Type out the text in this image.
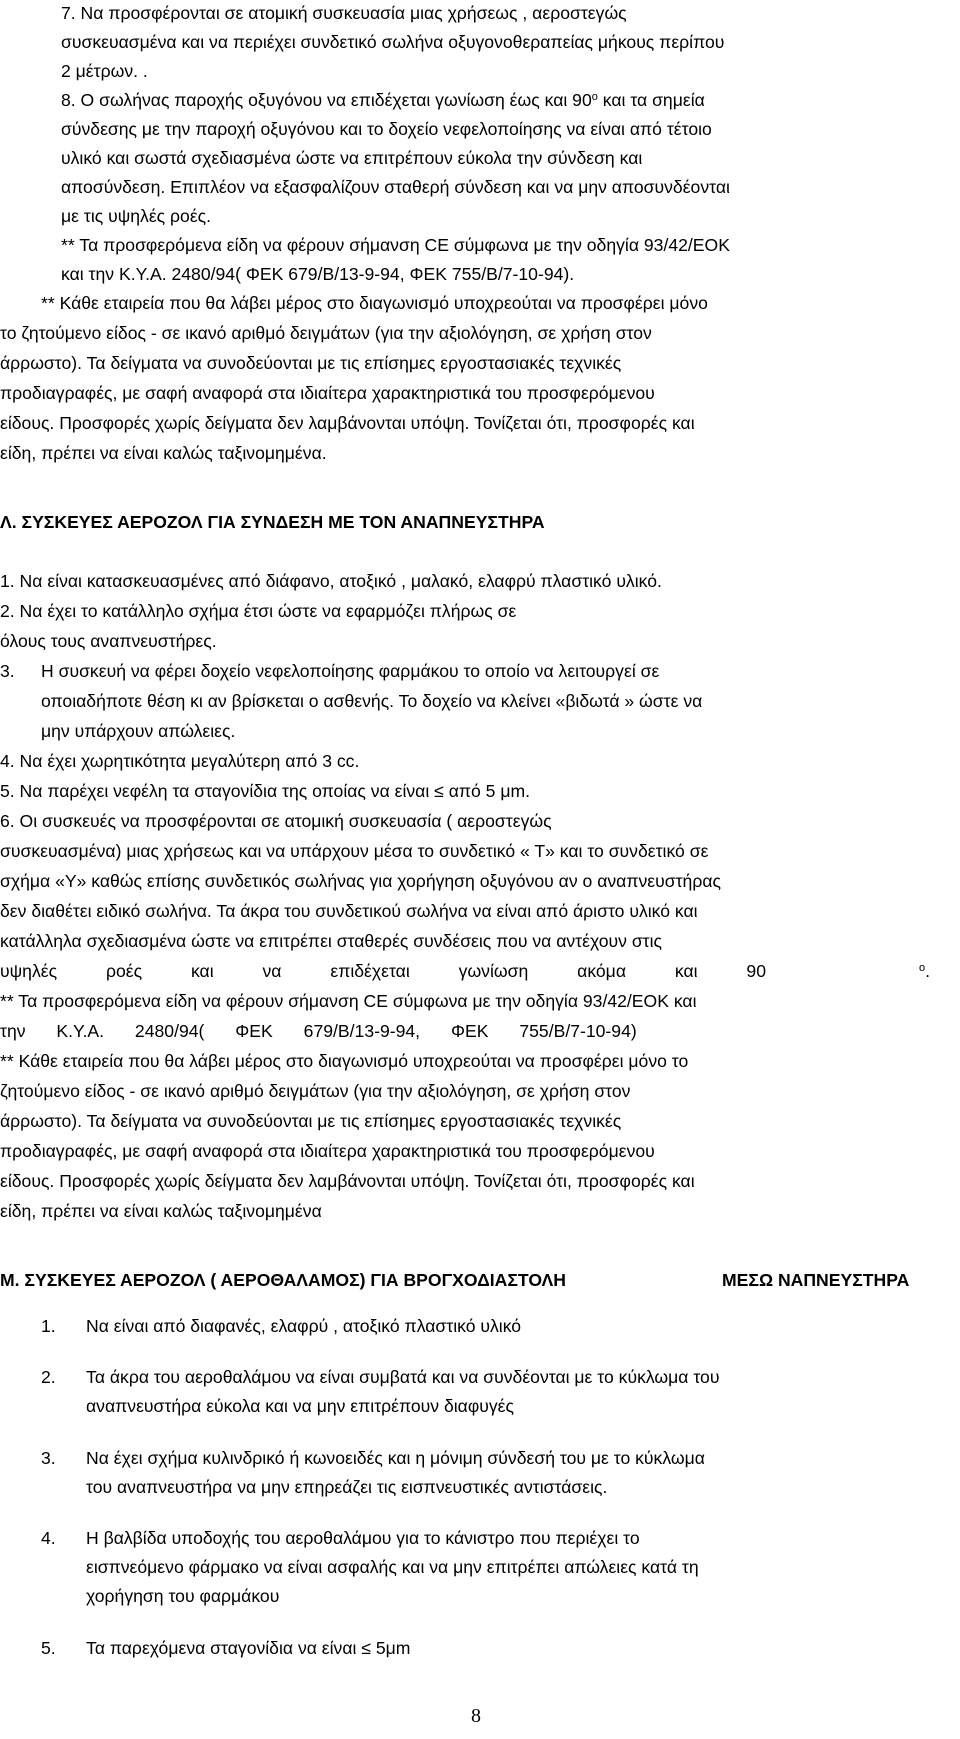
7. Να προσφέρονται σε ατομική συσκευασία μιας χρήσεως , αεροστεγώς
συσκευασμένα και να περιέχει συνδετικό σωλήνα οξυγονοθεραπείας μήκους περίπου
2 μέτρων. .
8. Ο σωλήνας παροχής οξυγόνου να επιδέχεται γωνίωση έως και $90^o$ και τα σημεία
σύνδεσης με την παροχή οξυγόνου και το δοχείο νεφελοποίησης να είναι από τέτοιο
υλικό και σωστά σχεδιασμένα ώστε να επιτρέπουν εύκολα την σύνδεση και
αποσύνδεση. Επιπλέον να εξασφαλίζουν σταθερή σύνδεση και να μην αποσυνδέονται
με τις υψηλές ροές.
** Τα προσφερόμενα είδη να φέρουν σήμανση CE σύμφωνα με την οδηγία 93/42/ΕΟΚ
και την Κ.Υ.Α. 2480/94( ΦΕΚ 679/Β/13-9-94, ΦΕΚ 755/Β/7-10-94).
** Κάθε εταιρεία που θα λάβει μέρος στο διαγωνισμό υποχρεούται να προσφέρει μόνο
το ζητούμενο είδος - σε ικανό αριθμό δειγμάτων (για την αξιολόγηση, σε χρήση στον
άρρωστο). Τα δείγματα να συνοδεύονται με τις επίσημες εργοστασιακές τεχνικές
προδιαγραφές, με σαφή αναφορά στα ιδιαίτερα χαρακτηριστικά του προσφερόμενου
είδους. Προσφορές χωρίς δείγματα δεν λαμβάνονται υπόψη. Τονίζεται ότι, προσφορές και
είδη, πρέπει να είναι καλώς ταξινομημένα.
Λ. ΣΥΣΚΕΥΕΣ ΑΕΡΟΖΟΛ ΓΙΑ ΣΥΝΔΕΣΗ ΜΕ ΤΟΝ ΑΝΑΠΝΕΥΣΤΗΡΑ
1. Να είναι κατασκευασμένες από διάφανο, ατοξικό , μαλακό, ελαφρύ πλαστικό υλικό.
2. Να έχει το κατάλληλο σχήμα έτσι ώστε να εφαρμόζει πλήρως σε
όλους τους αναπνευστήρες.
3. Η συσκευή να φέρει δοχείο νεφελοποίησης φαρμάκου το οποίο να λειτουργεί σε
οποιαδήποτε θέση κι αν βρίσκεται ο ασθενής. Το δοχείο να κλείνει «βιδωτά » ώστε να
μην υπάρχουν απώλειες.
4. Να έχει χωρητικότητα μεγαλύτερη από 3 cc.
5. Να παρέχει νεφέλη τα σταγονίδια της οποίας να είναι ≤ από 5 μm.
6. Οι συσκευές να προσφέρονται σε ατομική συσκευασία ( αεροστεγώς
συσκευασμένα) μιας χρήσεως και να υπάρχουν μέσα το συνδετικό « Τ» και το συνδετικό σε
σχήμα «Υ» καθώς επίσης συνδετικός σωλήνας για χορήγηση οξυγόνου αν ο αναπνευστήρας
δεν διαθέτει ειδικό σωλήνα. Τα άκρα του συνδετικού σωλήνα να είναι από άριστο υλικό και
κατάλληλα σχεδιασμένα ώστε να επιτρέπει σταθερές συνδέσεις που να αντέχουν στις
υψηλές ροές και να επιδέχεται γωνίωση ακόμα και 90	$^o$.
** Τα προσφερόμενα είδη να φέρουν σήμανση CE σύμφωνα με την οδηγία 93/42/ΕΟΚ και
την Κ.Υ.Α. 2480/94( ΦΕΚ 679/Β/13-9-94, ΦΕΚ 755/Β/7-10-94)
** Κάθε εταιρεία που θα λάβει μέρος στο διαγωνισμό υποχρεούται να προσφέρει μόνο το
ζητούμενο είδος - σε ικανό αριθμό δειγμάτων (για την αξιολόγηση, σε χρήση στον
άρρωστο). Τα δείγματα να συνοδεύονται με τις επίσημες εργοστασιακές τεχνικές
προδιαγραφές, με σαφή αναφορά στα ιδιαίτερα χαρακτηριστικά του προσφερόμενου
είδους. Προσφορές χωρίς δείγματα δεν λαμβάνονται υπόψη. Τονίζεται ότι, προσφορές και
είδη, πρέπει να είναι καλώς ταξινομημένα
Μ. ΣΥΣΚΕΥΕΣ ΑΕΡΟΖΟΛ ( ΑΕΡΟΘΑΛΑΜΟΣ) ΓΙΑ ΒΡΟΓΧΟΔΙΑΣΤΟΛΗ	ΜΕΣΩ ΝΑΠΝΕΥΣΤΗΡΑ
1. Να είναι από διαφανές, ελαφρύ , ατοξικό πλαστικό υλικό
2. Τα άκρα του αεροθαλάμου να είναι συμβατά και να συνδέονται με το κύκλωμα του
αναπνευστήρα εύκολα και να μην επιτρέπουν διαφυγές
3. Να έχει σχήμα κυλινδρικό ή κωνοειδές και η μόνιμη σύνδεσή του με το κύκλωμα
του αναπνευστήρα να μην επηρεάζει τις εισπνευστικές αντιστάσεις.
4. Η βαλβίδα υποδοχής του αεροθαλάμου για το κάνιστρο που περιέχει το
εισπνεόμενο φάρμακο να είναι ασφαλής και να μην επιτρέπει απώλειες κατά τη
χορήγηση του φαρμάκου
5. Τα παρεχόμενα σταγονίδια να είναι ≤ 5μm
8
